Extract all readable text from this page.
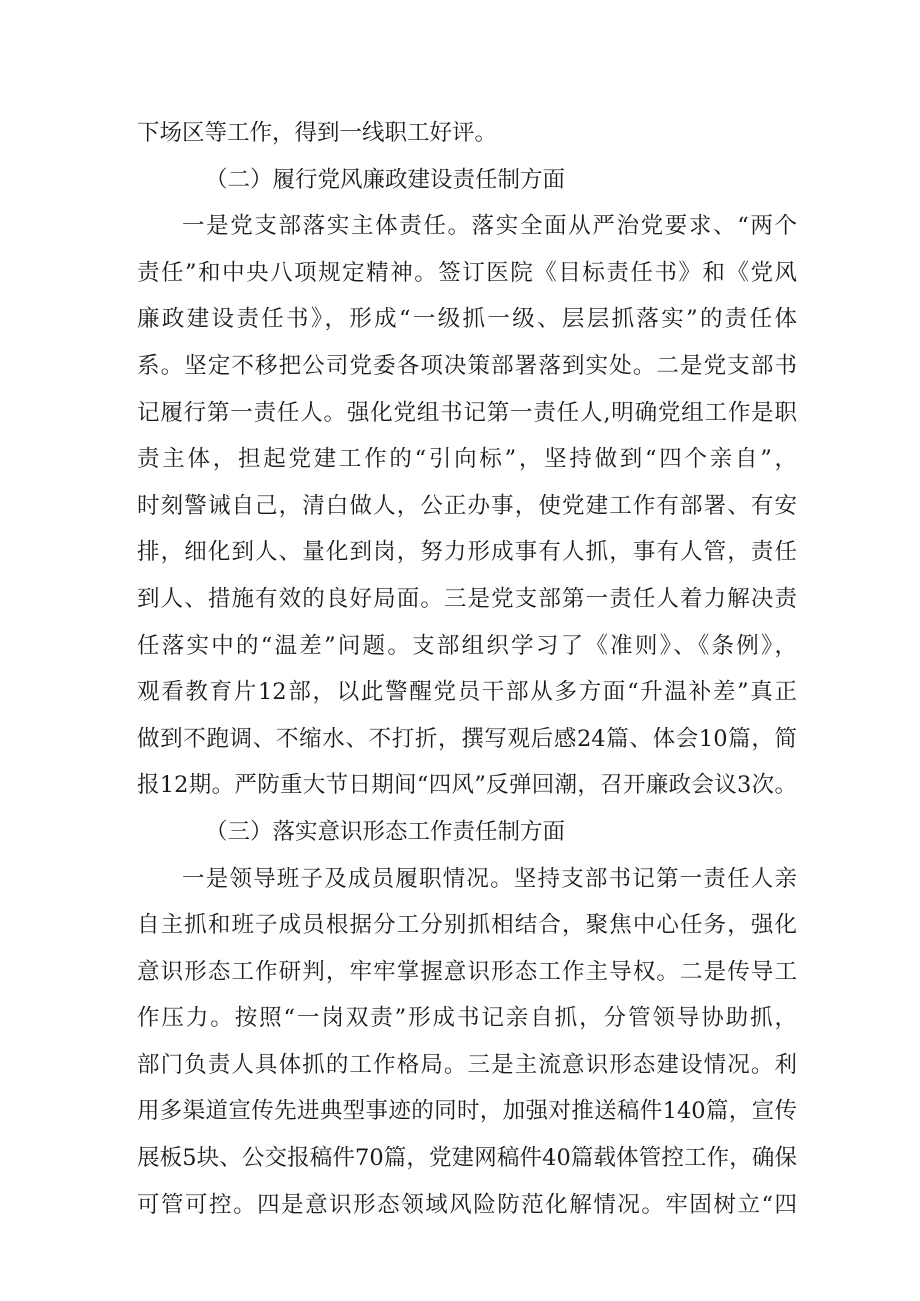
下场区等工作，得到一线职工好评。
（二）履行党风廉政建设责任制方面
一是党支部落实主体责任。落实全面从严治党要求、“两个
责任”和中央八项规定精神。签订医院《目标责任书》和《党风
廉政建设责任书》，形成“一级抓一级、层层抓落实”的责任体
系。坚定不移把公司党委各项决策部署落到实处。二是党支部书
记履行第一责任人。强化党组书记第一责任人,明确党组工作是职
责主体，担起党建工作的“引向标”，坚持做到“四个亲自”，
时刻警诫自己，清白做人，公正办事，使党建工作有部署、有安
排，细化到人、量化到岗，努力形成事有人抓，事有人管，责任
到人、措施有效的良好局面。三是党支部第一责任人着力解决责
任落实中的“温差”问题。支部组织学习了《准则》、《条例》，
观看教育片12部，以此警醒党员干部从多方面“升温补差”真正
做到不跑调、不缩水、不打折，撰写观后感24篇、体会10篇，简
报12期。严防重大节日期间“四风”反弹回潮，召开廉政会议3次。
（三）落实意识形态工作责任制方面
一是领导班子及成员履职情况。坚持支部书记第一责任人亲
自主抓和班子成员根据分工分别抓相结合，聚焦中心任务，强化
意识形态工作研判，牢牢掌握意识形态工作主导权。二是传导工
作压力。按照“一岗双责”形成书记亲自抓，分管领导协助抓，
部门负责人具体抓的工作格局。三是主流意识形态建设情况。利
用多渠道宣传先进典型事迹的同时，加强对推送稿件140篇，宣传
展板5块、公交报稿件70篇，党建网稿件40篇载体管控工作，确保
可管可控。四是意识形态领域风险防范化解情况。牢固树立“四
